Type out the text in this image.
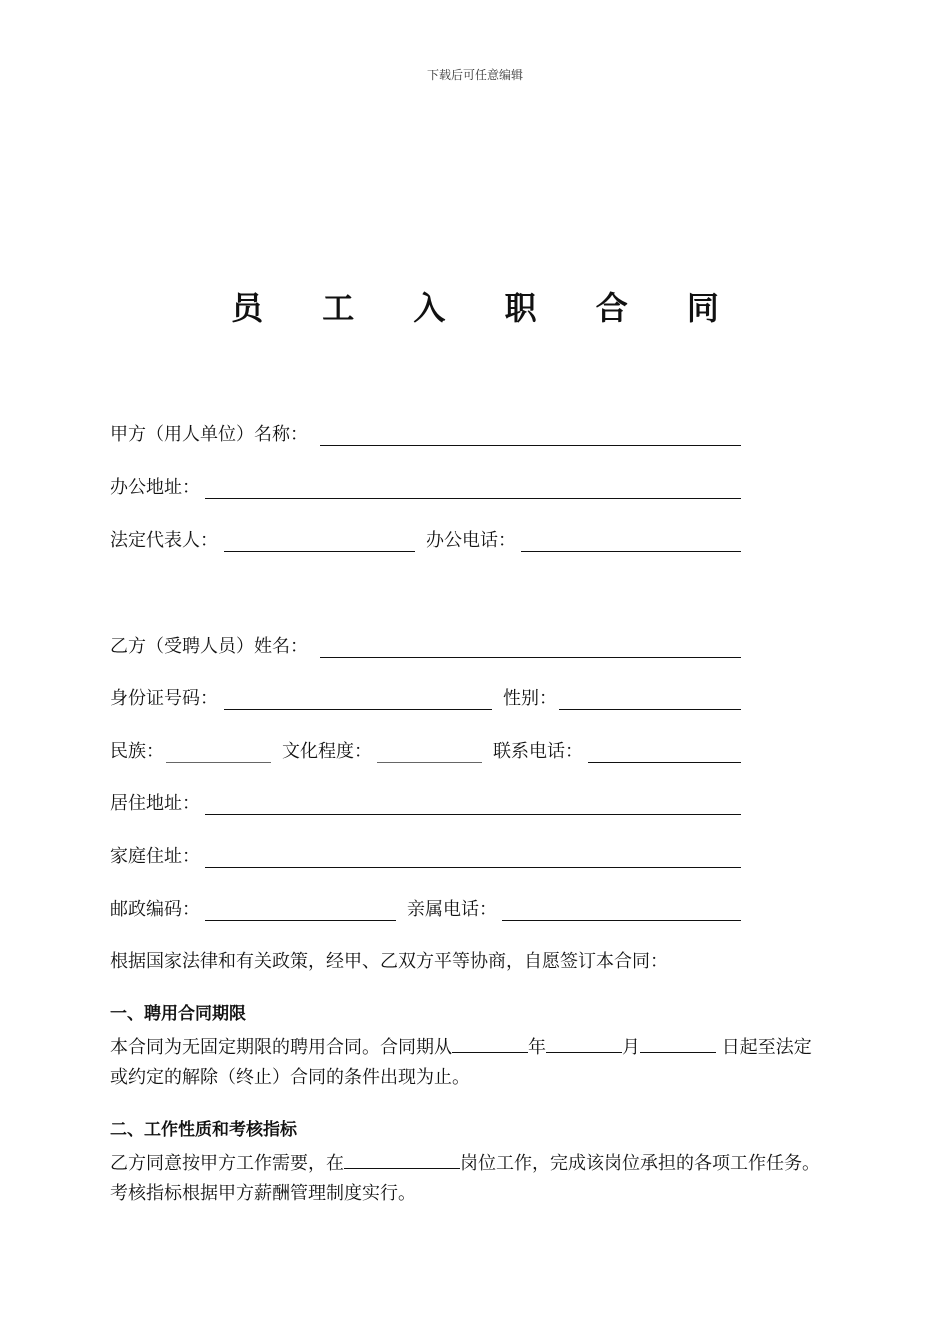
下载后可任意编辑
员 工 入 职 合 同
甲方（用人单位）名称：
办公地址：
法定代表人：	办公电话：
乙方（受聘人员）姓名：
身份证号码：	性别：
民族：	文化程度：	联系电话：
居住地址：
家庭住址：
邮政编码：	亲属电话：
根据国家法律和有关政策，经甲、乙双方平等协商，自愿签订本合同：
一、聘用合同期限
本合同为无固定期限的聘用合同。合同期从	年	月	日起至法定
或约定的解除（终止）合同的条件出现为止。
二、工作性质和考核指标
乙方同意按甲方工作需要，在	岗位工作，完成该岗位承担的各项工作任务。
考核指标根据甲方薪酬管理制度实行。
